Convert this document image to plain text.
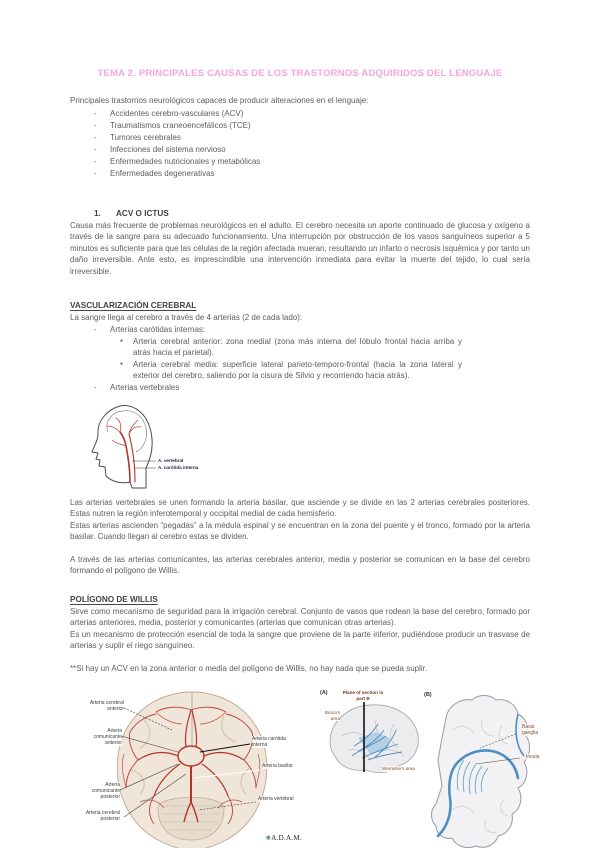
TEMA 2. PRINCIPALES CAUSAS DE LOS TRASTORNOS ADQUIRIDOS DEL LENGUAJE

Principales trastornos neurológicos capaces de producir alteraciones en el lenguaje:

-	Accidentes cerebro-vasculares (ACV)
-	Traumatismos craneoencefálicos (TCE)
-	Tumores cerebrales
-	Infecciones del sistema nervioso
-	Enfermedades nutricionales y metabólicas
-	Enfermedades degenerativas
1.	ACV O ICTUS

Causa más frecuente de problemas neurológicos en el adulto. El cerebro necesita un aporte continuado de glucosa y oxígeno a través de la sangre para su adecuado funcionamiento. Una interrupción por obstrucción de los vasos sanguíneos superior a 5 minutos es suficiente para que las células de la región afectada mueran, resultando un infarto o necrosis isquémica y por tanto un daño irreversible. Ante esto, es imprescindible una intervención inmediata para evitar la muerte del tejido, lo cual sería irreversible.

VASCULARIZACIÓN CEREBRAL

La sangre llega al cerebro a través de 4 arterias (2 de cada lado):

-	Arterias carótidas internas:
●	Arteria cerebral anterior: zona medial (zona más interna del lóbulo frontal hacia arriba y atrás hacia el parietal).
●	Arteria cerebral media: superficie lateral parieto-temporo-frontal (hacia la zona lateral y exterior del cerebro, saliendo por la cisura de Silvio y recorriendo hacia atrás).
-	Arterias vertebrales
A. vertebral
A. carótida interna

Las arterias vertebrales se unen formando la arteria basilar, que asciende y se divide en las 2 arterias cerebrales posteriores. Estas nutren la región inferotemporal y occipital medial de cada hemisferio.

Estas arterias ascienden “pegadas” a la médula espinal y se encuentran en la zona del puente y el tronco, formado por la arteria basilar. Cuando llegan al cerebro estas se dividen.

A través de las arterias comunicantes, las arterias cerebrales anterior, media y posterior se comunican en la base del cerebro formando el polígono de Willis.

POLÍGONO DE WILLIS

Sirve como mecanismo de seguridad para la irrigación cerebral. Conjunto de vasos que rodean la base del cerebro, formado por arterias anteriores, media, posterior y comunicantes (arterias que comunican otras arterias).

Es un mecanismo de protección esencial de toda la sangre que proviene de la parte inferior, pudiéndose producir un trasvase de arterias y suplir el riego sanguíneo.

**Si hay un ACV en la zona anterior o media del polígono de Willis, no hay nada que se pueda suplir.

Arteria cerebral anterior
Arteria comunicante anterior
Arteria comunicante posterior
Arteria cerebral posterior
Arteria carótida interna
Arteria basilar
Arteria vertebral
❋A.D.A.M.
(A)	Plane of section in part B
Broca's area
Wernicke's area
(B)
Basal ganglia
Insula
